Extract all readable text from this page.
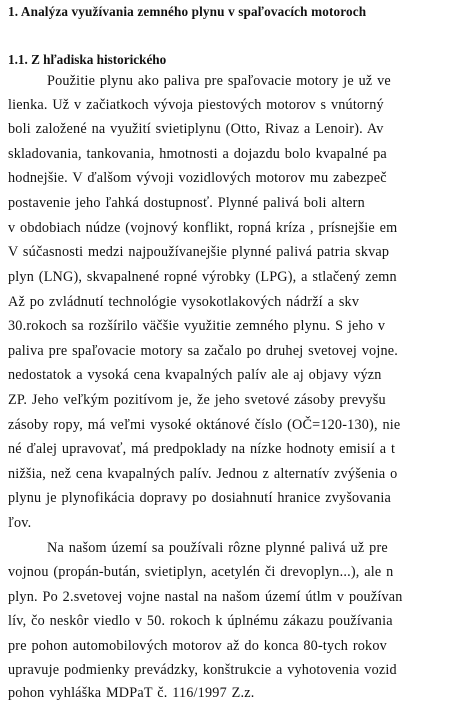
1. Analýza využívania zemného plynu v spaľovacích motoroch
1.1. Z hľadiska historického
Použitie plynu ako paliva pre spaľovacie motory je už ve
lienka. Už v začiatkoch vývoja piestových motorov s vnútorný
boli založené na využití svietiplynu (Otto, Rivaz a Lenoir). Av
skladovania, tankovania, hmotnosti a dojazdu bolo kvapalné pa
hodnejšie. V ďalšom vývoji vozidlových motorov mu zabezpeč
postavenie jeho ľahká dostupnosť. Plynné palivá boli altern
v obdobiach núdze (vojnový konflikt, ropná kríza , prísnejšie em
V súčasnosti medzi najpoužívanejšie plynné palivá patria skvap
plyn (LNG), skvapalnené ropné výrobky (LPG), a stlačený zemn
Až po zvládnutí technológie vysokotlakových nádrží a skv
30.rokoch sa rozšírilo väčšie využitie zemného plynu. S jeho v
paliva pre spaľovacie motory sa začalo po druhej svetovej vojne.
nedostatok a vysoká cena kvapalných palív ale aj objavy význ
ZP. Jeho veľkým pozitívom je, že jeho svetové zásoby prevyšu
zásoby ropy, má veľmi vysoké oktánové číslo (OČ=120-130), nie
né ďalej upravovať, má predpoklady na nízke hodnoty emisií a t
nižšia, než cena kvapalných palív. Jednou z alternatív zvýšenia o
plynu je plynofikácia dopravy po dosiahnutí hranice zvyšovania
ľov.
Na našom území sa používali rôzne plynné palivá už pre
vojnou (propán-bután, svietiplyn, acetylén či drevoplyn...), ale n
plyn. Po 2.svetovej vojne nastal na našom území útlm v používan
lív, čo neskôr viedlo v 50. rokoch k úplnému zákazu používania
pre pohon automobilových motorov až do konca 80-tych rokov
upravuje podmienky prevádzky, konštrukcie a vyhotovenia vozid
pohon vyhláška MDPaT č. 116/1997 Z.z.
